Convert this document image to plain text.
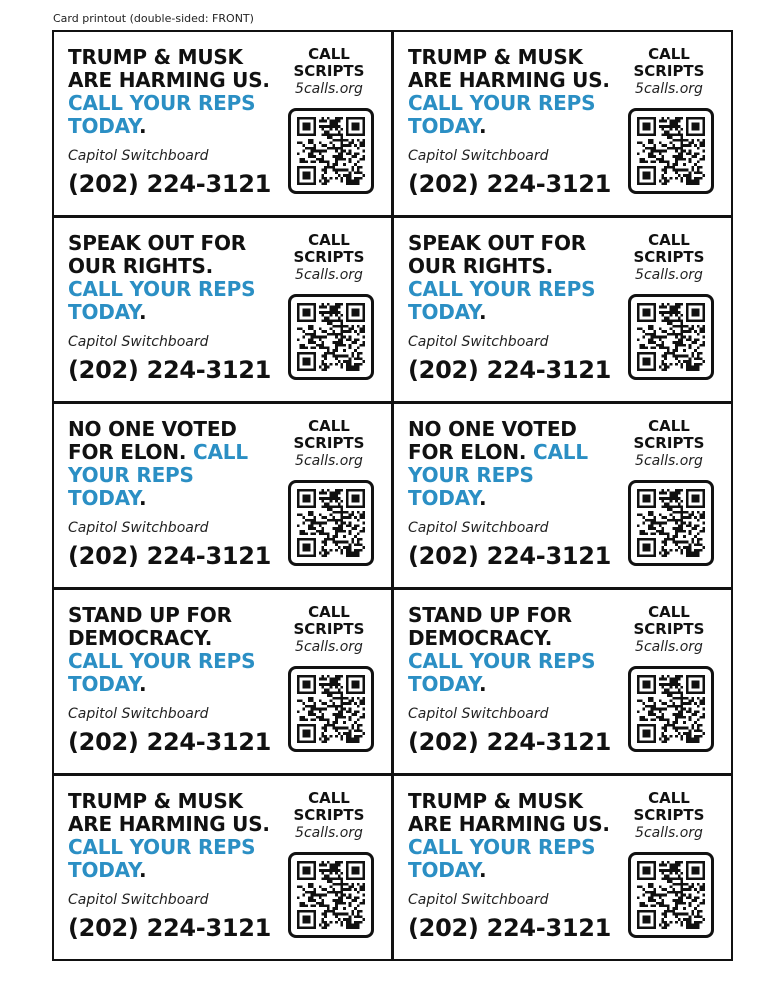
Card printout (double-sided: FRONT)
TRUMP & MUSK ARE HARMING US. CALL YOUR REPS TODAY.
Capitol Switchboard
(202) 224-3121
CALL SCRIPTS
5calls.org
TRUMP & MUSK ARE HARMING US. CALL YOUR REPS TODAY.
Capitol Switchboard
(202) 224-3121
CALL SCRIPTS
5calls.org
SPEAK OUT FOR OUR RIGHTS. CALL YOUR REPS TODAY.
Capitol Switchboard
(202) 224-3121
CALL SCRIPTS
5calls.org
SPEAK OUT FOR OUR RIGHTS. CALL YOUR REPS TODAY.
Capitol Switchboard
(202) 224-3121
CALL SCRIPTS
5calls.org
NO ONE VOTED FOR ELON. CALL YOUR REPS TODAY.
Capitol Switchboard
(202) 224-3121
CALL SCRIPTS
5calls.org
NO ONE VOTED FOR ELON. CALL YOUR REPS TODAY.
Capitol Switchboard
(202) 224-3121
CALL SCRIPTS
5calls.org
STAND UP FOR DEMOCRACY. CALL YOUR REPS TODAY.
Capitol Switchboard
(202) 224-3121
CALL SCRIPTS
5calls.org
STAND UP FOR DEMOCRACY. CALL YOUR REPS TODAY.
Capitol Switchboard
(202) 224-3121
CALL SCRIPTS
5calls.org
TRUMP & MUSK ARE HARMING US. CALL YOUR REPS TODAY.
Capitol Switchboard
(202) 224-3121
CALL SCRIPTS
5calls.org
TRUMP & MUSK ARE HARMING US. CALL YOUR REPS TODAY.
Capitol Switchboard
(202) 224-3121
CALL SCRIPTS
5calls.org
